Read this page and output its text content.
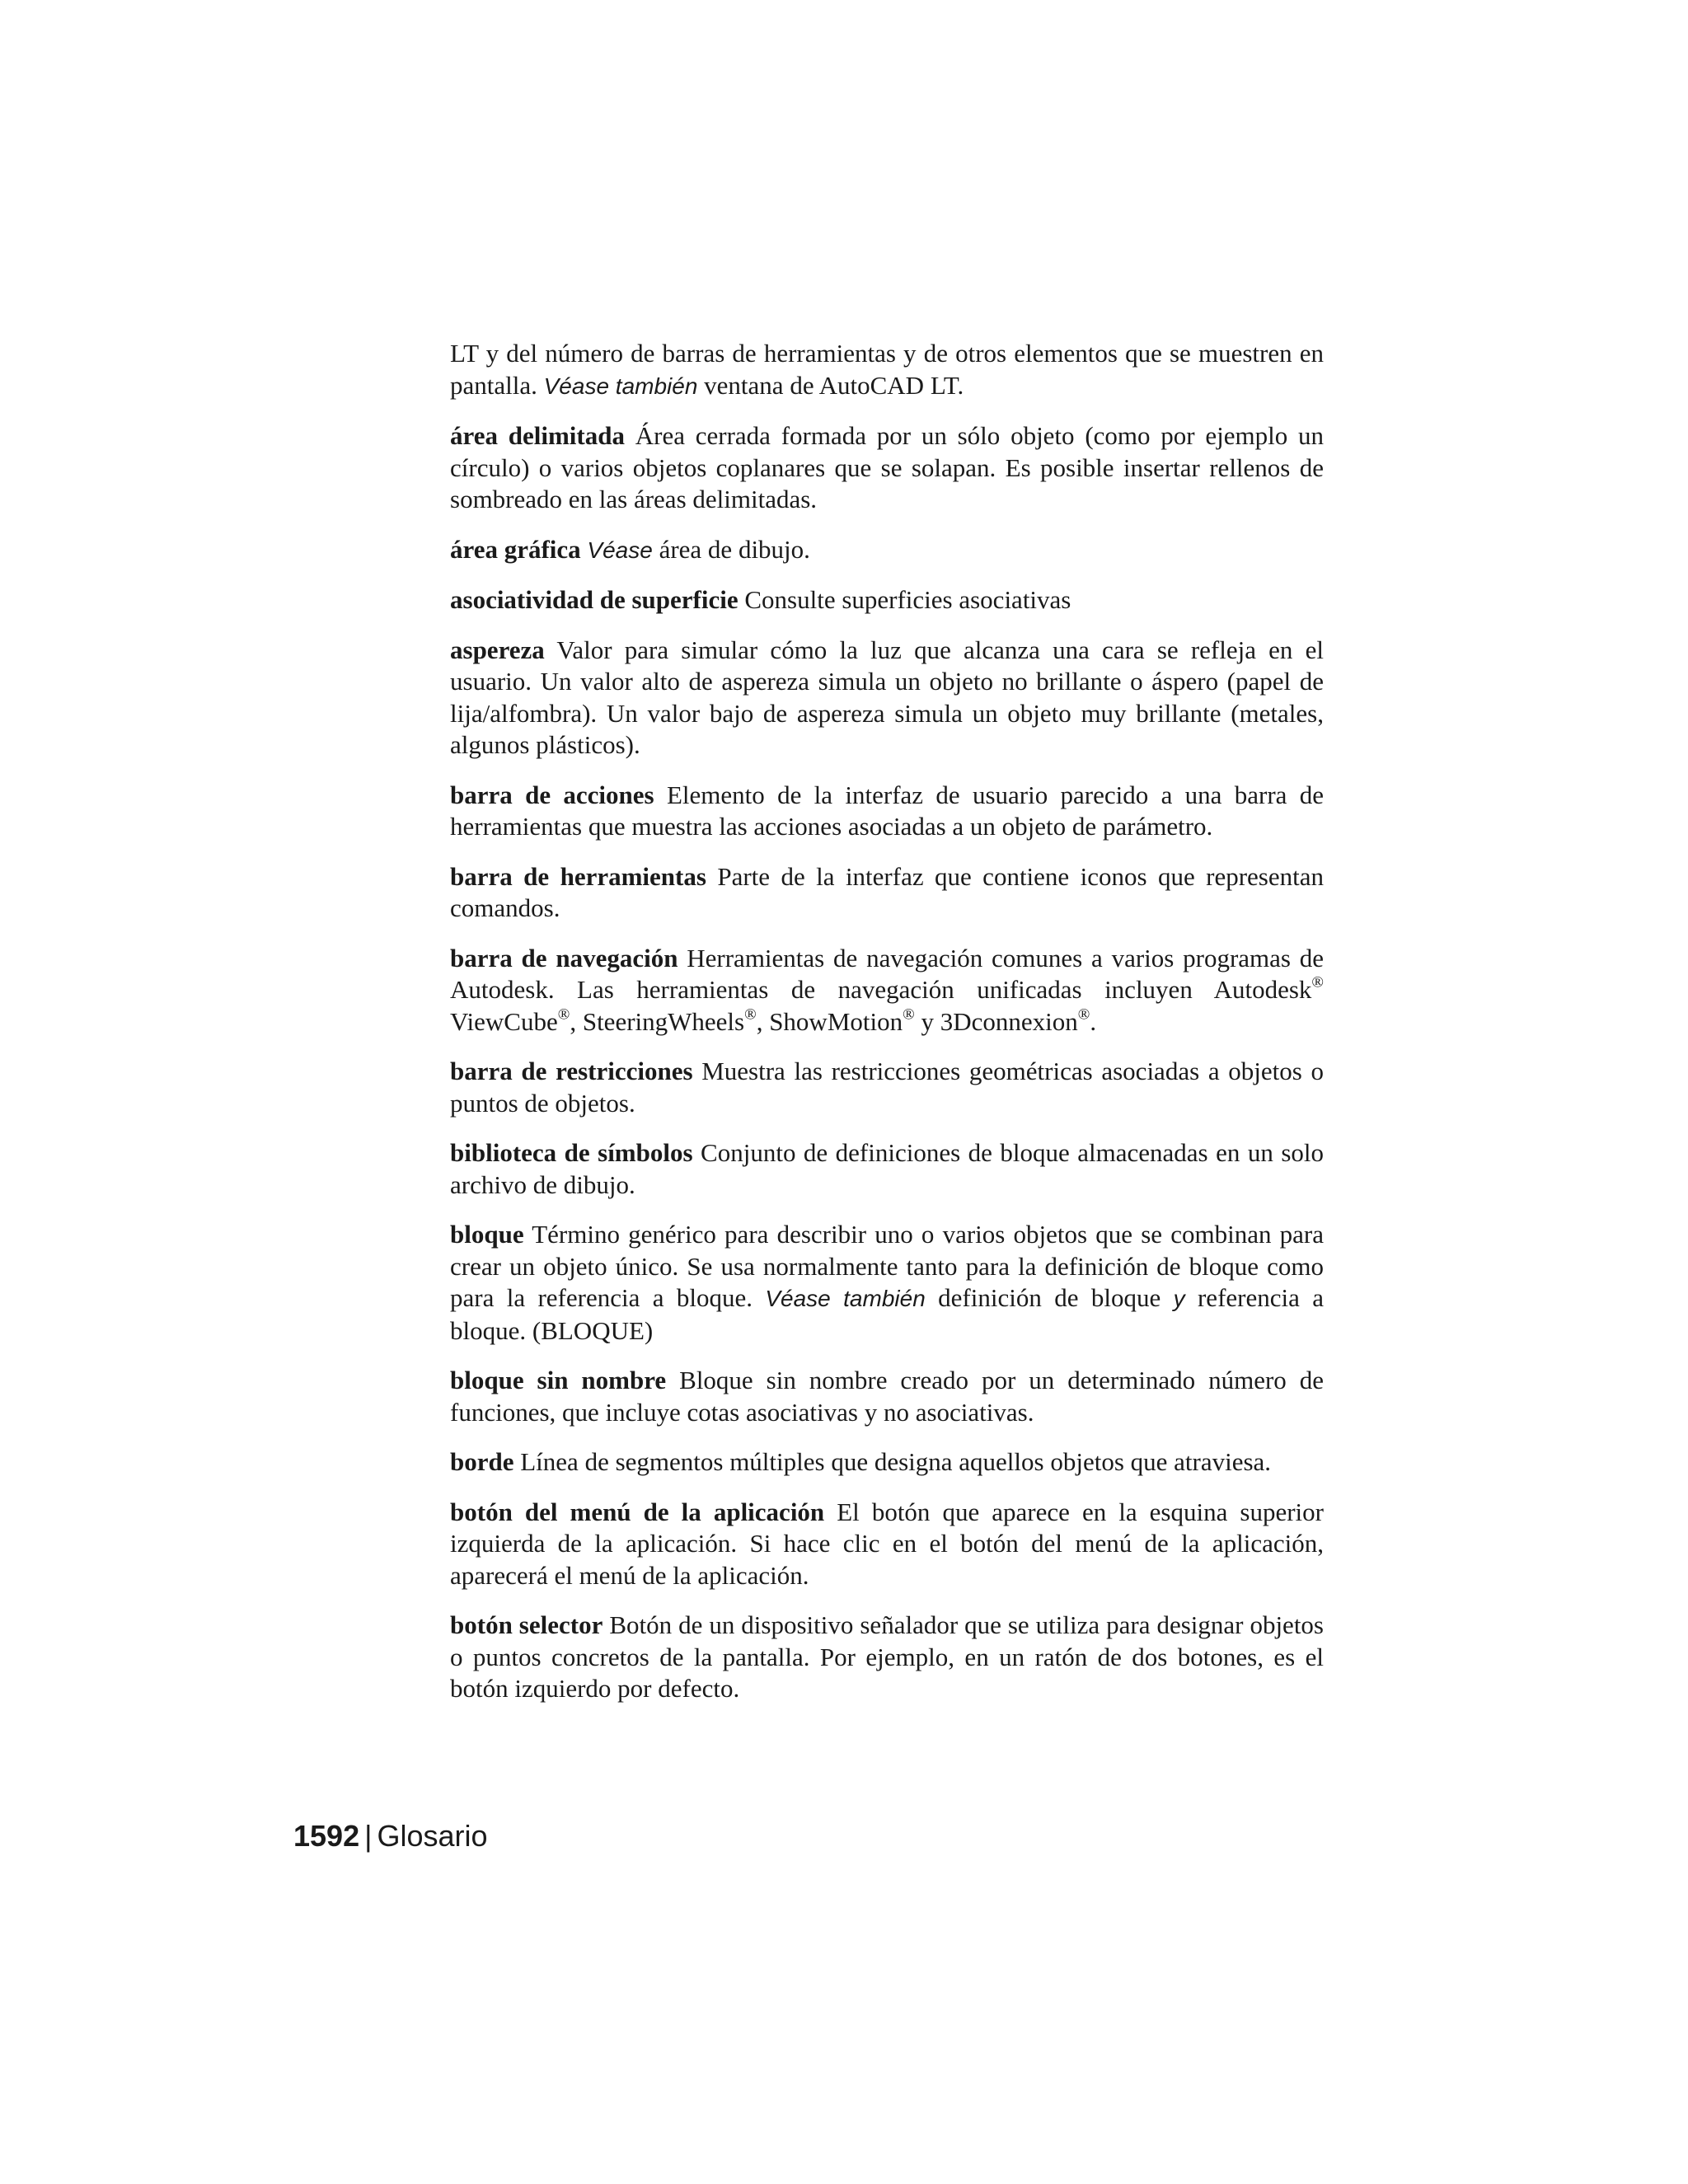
LT y del número de barras de herramientas y de otros elementos que se muestren en pantalla. Véase también ventana de AutoCAD LT.

área delimitada Área cerrada formada por un sólo objeto (como por ejemplo un círculo) o varios objetos coplanares que se solapan. Es posible insertar rellenos de sombreado en las áreas delimitadas.

área gráfica Véase área de dibujo.

asociatividad de superficie Consulte superficies asociativas

aspereza Valor para simular cómo la luz que alcanza una cara se refleja en el usuario. Un valor alto de aspereza simula un objeto no brillante o áspero (papel de lija/alfombra). Un valor bajo de aspereza simula un objeto muy brillante (metales, algunos plásticos).

barra de acciones Elemento de la interfaz de usuario parecido a una barra de herramientas que muestra las acciones asociadas a un objeto de parámetro.

barra de herramientas Parte de la interfaz que contiene iconos que representan comandos.

barra de navegación Herramientas de navegación comunes a varios programas de Autodesk. Las herramientas de navegación unificadas incluyen Autodesk® ViewCube®, SteeringWheels®, ShowMotion® y 3Dconnexion®.

barra de restricciones Muestra las restricciones geométricas asociadas a objetos o puntos de objetos.

biblioteca de símbolos Conjunto de definiciones de bloque almacenadas en un solo archivo de dibujo.

bloque Término genérico para describir uno o varios objetos que se combinan para crear un objeto único. Se usa normalmente tanto para la definición de bloque como para la referencia a bloque. Véase también definición de bloque y referencia a bloque. (BLOQUE)

bloque sin nombre Bloque sin nombre creado por un determinado número de funciones, que incluye cotas asociativas y no asociativas.

borde Línea de segmentos múltiples que designa aquellos objetos que atraviesa.

botón del menú de la aplicación El botón que aparece en la esquina superior izquierda de la aplicación. Si hace clic en el botón del menú de la aplicación, aparecerá el menú de la aplicación.

botón selector Botón de un dispositivo señalador que se utiliza para designar objetos o puntos concretos de la pantalla. Por ejemplo, en un ratón de dos botones, es el botón izquierdo por defecto.

1592 | Glosario
